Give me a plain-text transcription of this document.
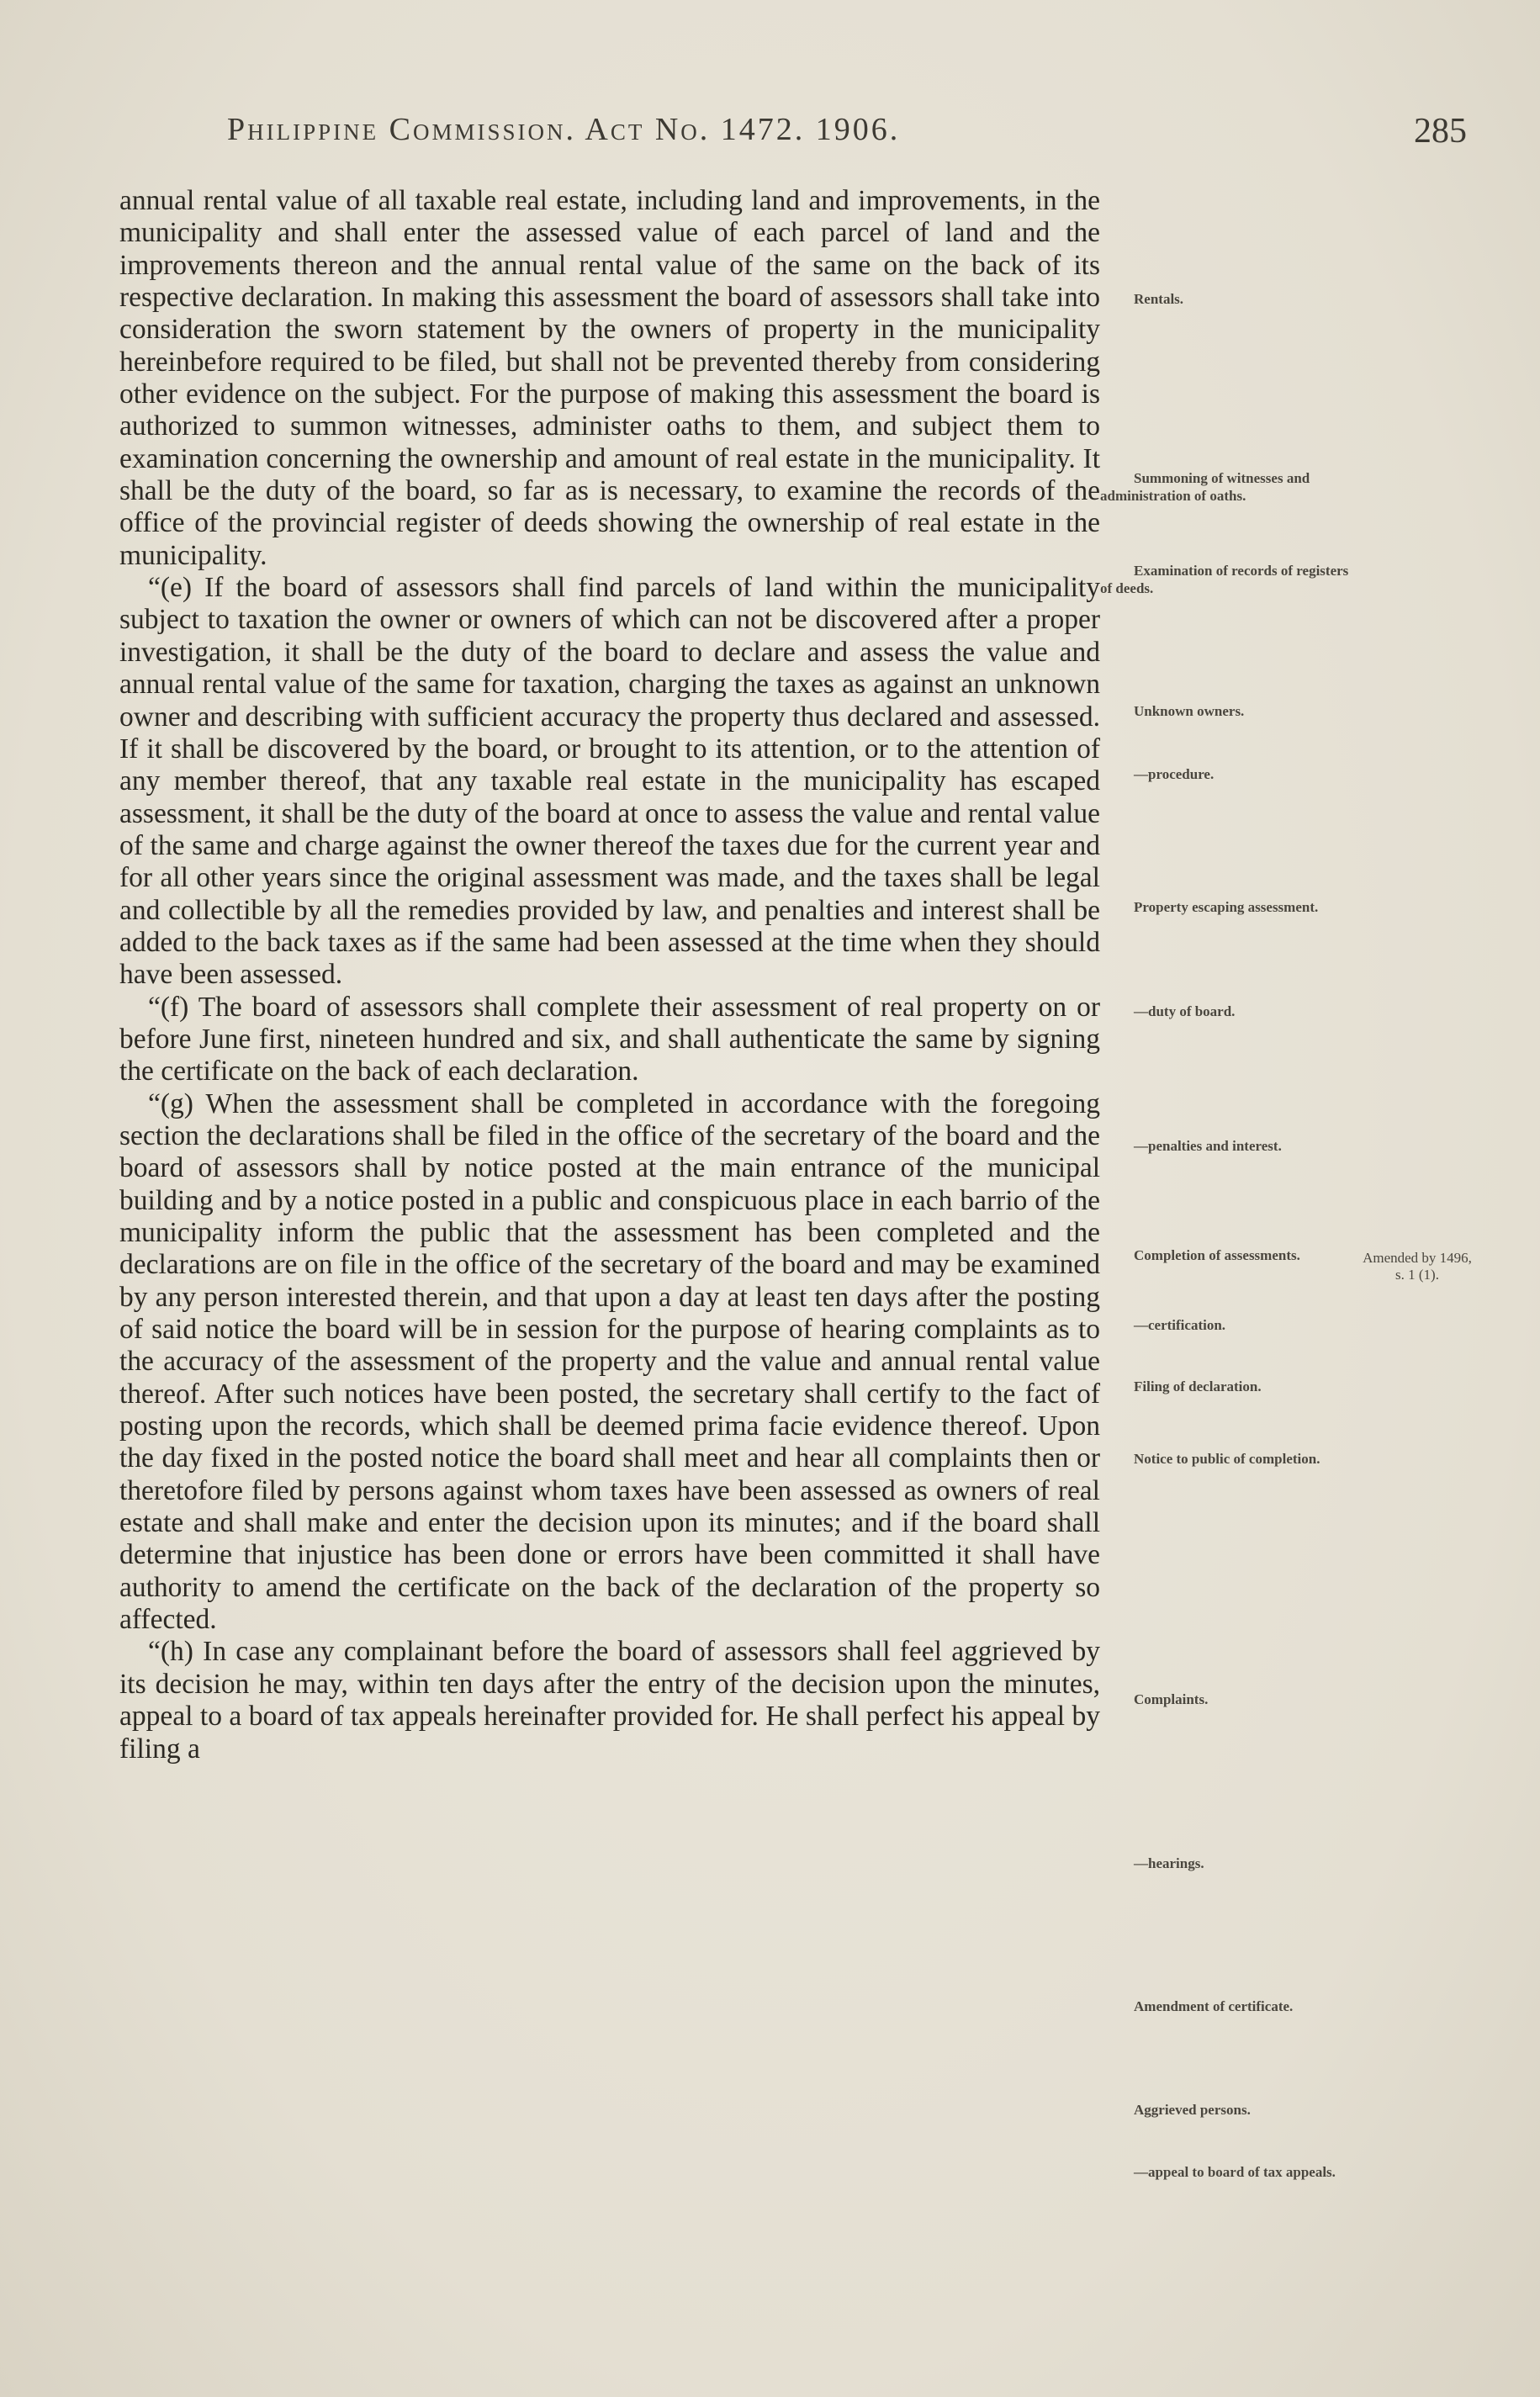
Philippine Commission. Act No. 1472. 1906.	285

annual rental value of all taxable real estate, including land and improvements, in the municipality and shall enter the assessed value of each parcel of land and the improvements thereon and the annual rental value of the same on the back of its respective declaration. In making this assessment the board of assessors shall take into consideration the sworn statement by the owners of property in the municipality hereinbefore required to be filed, but shall not be prevented thereby from considering other evidence on the subject. For the purpose of making this assessment the board is authorized to summon witnesses, administer oaths to them, and subject them to examination concerning the ownership and amount of real estate in the municipality. It shall be the duty of the board, so far as is necessary, to examine the records of the office of the provincial register of deeds showing the ownership of real estate in the municipality.

“(e) If the board of assessors shall find parcels of land within the municipality subject to taxation the owner or owners of which can not be discovered after a proper investigation, it shall be the duty of the board to declare and assess the value and annual rental value of the same for taxation, charging the taxes as against an unknown owner and describing with sufficient accuracy the property thus declared and assessed. If it shall be discovered by the board, or brought to its attention, or to the attention of any member thereof, that any taxable real estate in the municipality has escaped assessment, it shall be the duty of the board at once to assess the value and rental value of the same and charge against the owner thereof the taxes due for the current year and for all other years since the original assessment was made, and the taxes shall be legal and collectible by all the remedies provided by law, and penalties and interest shall be added to the back taxes as if the same had been assessed at the time when they should have been assessed.

“(f) The board of assessors shall complete their assessment of real property on or before June first, nineteen hundred and six, and shall authenticate the same by signing the certificate on the back of each declaration.

“(g) When the assessment shall be completed in accordance with the foregoing section the declarations shall be filed in the office of the secretary of the board and the board of assessors shall by notice posted at the main entrance of the municipal building and by a notice posted in a public and conspicuous place in each barrio of the municipality inform the public that the assessment has been completed and the declarations are on file in the office of the secretary of the board and may be examined by any person interested therein, and that upon a day at least ten days after the posting of said notice the board will be in session for the purpose of hearing complaints as to the accuracy of the assessment of the property and the value and annual rental value thereof. After such notices have been posted, the secretary shall certify to the fact of posting upon the records, which shall be deemed prima facie evidence thereof. Upon the day fixed in the posted notice the board shall meet and hear all complaints then or theretofore filed by persons against whom taxes have been assessed as owners of real estate and shall make and enter the decision upon its minutes; and if the board shall determine that injustice has been done or errors have been committed it shall have authority to amend the certificate on the back of the declaration of the property so affected.

“(h) In case any complainant before the board of assessors shall feel aggrieved by its decision he may, within ten days after the entry of the decision upon the minutes, appeal to a board of tax appeals hereinafter provided for. He shall perfect his appeal by filing a

Rentals.
Summoning of witnesses and administration of oaths.
Examination of records of registers of deeds.
Unknown owners.
—procedure.
Property escaping assessment.
—duty of board.
—penalties and interest.
Completion of assessments.
—certification.
Filing of declaration.
Notice to public of completion.
Complaints.
—hearings.
Amendment of certificate.
Aggrieved persons.
—appeal to board of tax appeals.
Amended by 1496, s. 1 (1).
